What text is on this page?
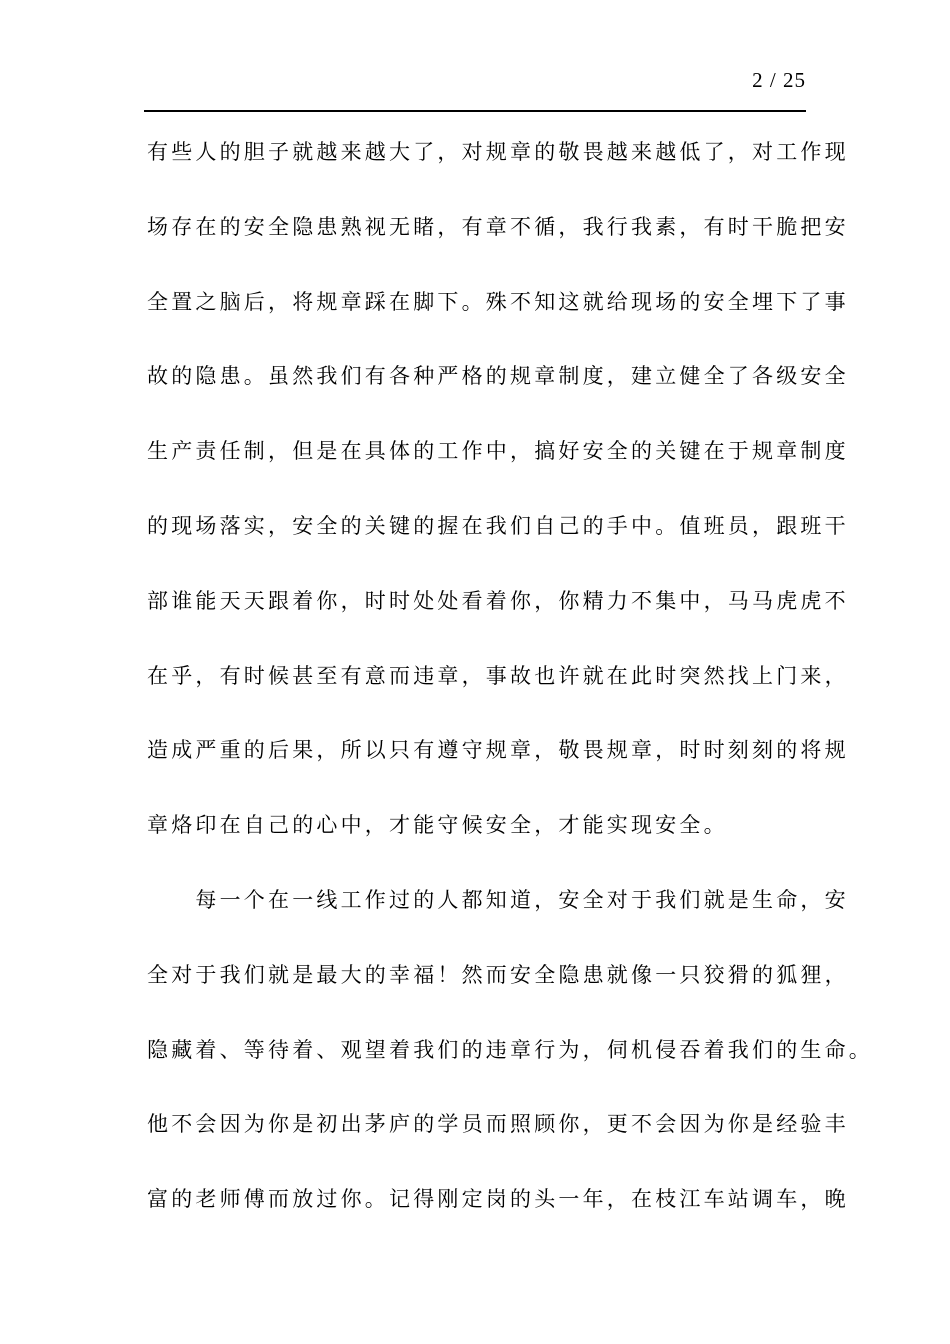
2 / 25
有些人的胆子就越来越大了，对规章的敬畏越来越低了，对工作现
场存在的安全隐患熟视无睹，有章不循，我行我素，有时干脆把安
全置之脑后，将规章踩在脚下。殊不知这就给现场的安全埋下了事
故的隐患。虽然我们有各种严格的规章制度，建立健全了各级安全
生产责任制，但是在具体的工作中，搞好安全的关键在于规章制度
的现场落实，安全的关键的握在我们自己的手中。值班员，跟班干
部谁能天天跟着你，时时处处看着你，你精力不集中，马马虎虎不
在乎，有时候甚至有意而违章，事故也许就在此时突然找上门来，
造成严重的后果，所以只有遵守规章，敬畏规章，时时刻刻的将规
章烙印在自己的心中，才能守候安全，才能实现安全。
　　每一个在一线工作过的人都知道，安全对于我们就是生命，安
全对于我们就是最大的幸福！然而安全隐患就像一只狡猾的狐狸，
隐藏着、等待着、观望着我们的违章行为，伺机侵吞着我们的生命。
他不会因为你是初出茅庐的学员而照顾你，更不会因为你是经验丰
富的老师傅而放过你。记得刚定岗的头一年，在枝江车站调车，晚
